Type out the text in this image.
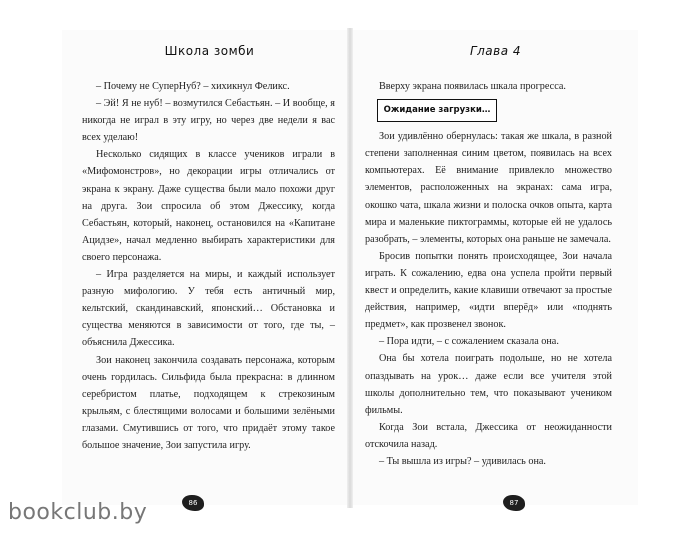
Школа зомби

– Почему не СуперНуб? – хихикнул Феликс.

– Эй! Я не нуб! – возмутился Себастьян. – И вообще, я никогда не играл в эту игру, но через две недели я вас всех уделаю!

Несколько сидящих в классе учеников играли в «Мифомонстров», но декорации игры отличались от экрана к экрану. Даже существа были мало похожи друг на друга. Зои спросила об этом Джессику, когда Себастьян, который, наконец, остановился на «Капитане Ацидзе», начал медленно выбирать характеристики для своего персонажа.

– Игра разделяется на миры, и каждый использует разную мифологию. У тебя есть античный мир, кельтский, скандинавский, японский… Обстановка и существа меняются в зависимости от того, где ты, – объяснила Джессика.

Зои наконец закончила создавать персонажа, которым очень гордилась. Сильфида была прекрасна: в длинном серебристом платье, подходящем к стрекозиным крыльям, с блестящими волосами и большими зелёными глазами. Смутившись от того, что придаёт этому такое большое значение, Зои запустила игру.

86
Глава 4

Вверху экрана появилась шкала прогресса.

Ожидание загрузки…

Зои удивлённо обернулась: такая же шкала, в разной степени заполненная синим цветом, появилась на всех компьютерах. Её внимание привлекло множество элементов, расположенных на экранах: сама игра, окошко чата, шкала жизни и полоска очков опыта, карта мира и маленькие пиктограммы, которые ей не удалось разобрать, – элементы, которых она раньше не замечала.

Бросив попытки понять происходящее, Зои начала играть. К сожалению, едва она успела пройти первый квест и определить, какие клавиши отвечают за простые действия, например, «идти вперёд» или «поднять предмет», как прозвенел звонок.

– Пора идти, – с сожалением сказала она.

Она бы хотела поиграть подольше, но не хотела опаздывать на урок… даже если все учителя этой школы дополнительно тем, что показывают учеником фильмы.

Когда Зои встала, Джессика от неожиданности отскочила назад.

– Ты вышла из игры? – удивилась она.

87
bookclub.by
